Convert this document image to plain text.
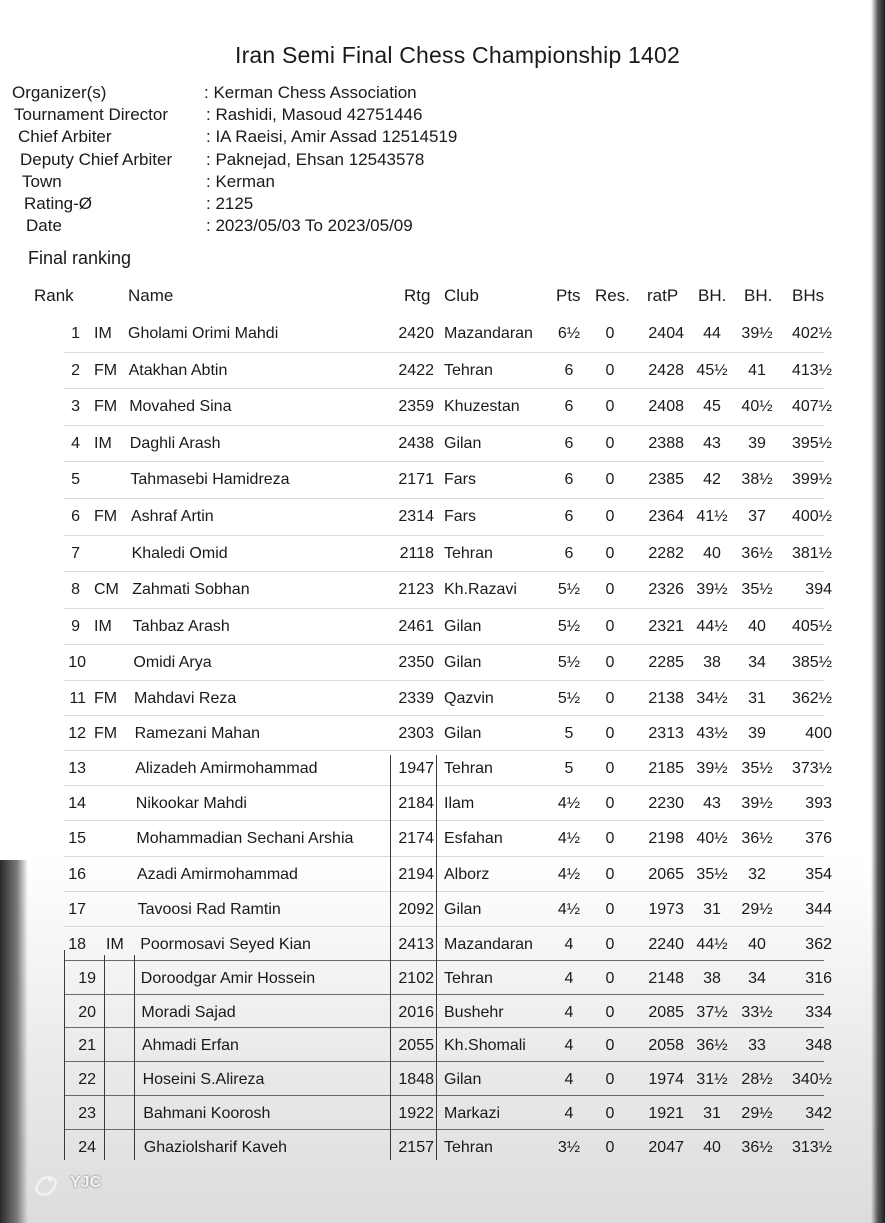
Iran Semi Final Chess Championship 1402
Organizer(s)	: Kerman Chess Association
Tournament Director : Rashidi, Masoud 42751446
Chief Arbiter	: IA Raeisi, Amir Assad 12514519
Deputy Chief Arbiter : Paknejad, Ehsan 12543578
Town	: Kerman
Rating-Ø	: 2125
Date	: 2023/05/03 To 2023/05/09
Final ranking
Rank	Name	Rtg Club	Pts Res. ratP BH. BH. BHs
1 IM Gholami Orimi Mahdi	2420 Mazandaran	6½	0	2404	44	39½	402½
2 FM Atakhan Abtin	2422 Tehran	6	0	2428 45½	41	413½
3 FM Movahed Sina	2359 Khuzestan	6	0	2408	45	40½	407½
4 IM Daghli Arash	2438 Gilan	6	0	2388	43	39	395½
5	Tahmasebi Hamidreza	2171 Fars	6	0	2385	42	38½	399½
6 FM Ashraf Artin	2314 Fars	6	0	2364 41½	37	400½
7	Khaledi Omid	2118 Tehran	6	0	2282	40	36½	381½
8 CM Zahmati Sobhan	2123 Kh.Razavi	5½	0	2326 39½ 35½	394
9 IM Tahbaz Arash	2461 Gilan	5½	0	2321 44½	40	405½
10	Omidi Arya	2350 Gilan	5½	0	2285	38	34	385½
11 FM Mahdavi Reza	2339 Qazvin	5½	0	2138 34½	31	362½
12 FM Ramezani Mahan	2303 Gilan	5	0	2313 43½	39	400
13	Alizadeh Amirmohammad	1947 Tehran	5	0	2185 39½ 35½	373½
14	Nikookar Mahdi	2184 Ilam	4½	0	2230	43	39½	393
15	Mohammadian Sechani Arshia	2174 Esfahan	4½	0	2198 40½ 36½	376
16	Azadi Amirmohammad	2194 Alborz	4½	0	2065 35½	32	354
17	Tavoosi Rad Ramtin	2092 Gilan	4½	0	1973	31	29½	344
18 IM Poormosavi Seyed Kian	2413 Mazandaran	4	0	2240 44½	40	362
19	Doroodgar Amir Hossein	2102 Tehran	4	0	2148	38	34	316
20	Moradi Sajad	2016 Bushehr	4	0	2085 37½ 33½	334
21	Ahmadi Erfan	2055 Kh.Shomali	4	0	2058 36½	33	348
22	Hoseini S.Alireza	1848 Gilan	4	0	1974 31½ 28½	340½
23	Bahmani Koorosh	1922 Markazi	4	0	1921	31	29½	342
24	Ghaziolsharif Kaveh	2157 Tehran	3½	0	2047	40	36½	313½
YJC
